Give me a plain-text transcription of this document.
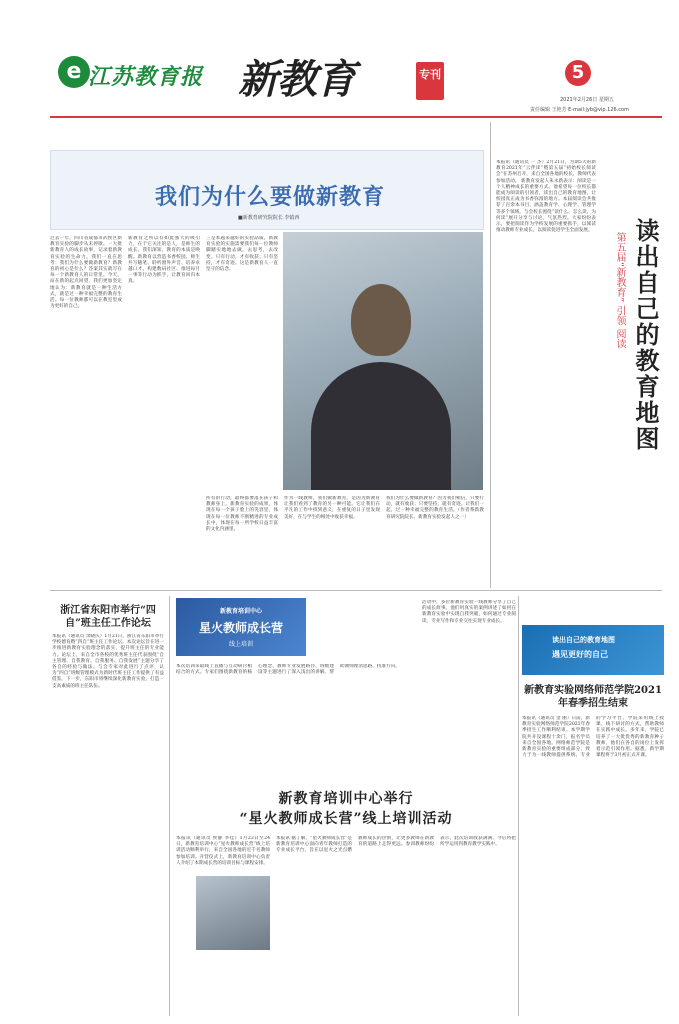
e 江苏教育报 新教育	专刊	5
2021年2月26日 星期五
责任编辑 王艳芳 E-mail:jyb@vip.126.com
我们为什么要做新教育
■新教育研究院院长 李镇西
过去一年，四川省成都市武侯区新教育实验的脚步从未停歇。一大批新教育人的成长故事，记录着新教育实验的生命力。我们一直在思考：我们为什么要做新教育？新教育的初心是什么？答案其实就写在每一个新教育人的日常里。今天，站在新的起点回望，我们更加坚定地认为：新教育就是一种生活方式，就是过一种幸福完整的教育生活。每一位教师都可以在教室里成为更好的自己。
新教育之所以有如此强大的吸引力，在于它关注的是人，是师生的成长。我们深知，教育的本质是唤醒。新教育以营造书香校园、师生共写随笔、聆听窗外声音、培养卓越口才、构建数码社区、推进每月一事等行动为抓手，让教育回归本真。
三是本越来越好的实验品质。新教育实验的实施需要我们每一位教师脚踏实地地去做，去思考，去改变。只有行动，才有收获；只有坚持，才有奇迹。这是新教育人一直坚守的信念。
所有的行动，最终都要落在孩子和教师身上。新教育实验的成果，体现在每一个孩子脸上的笑容里，体现在每一位教师不断精进的专业成长中，体现在每一所学校日益丰富的文化内涵里。
作为一线教师，我们做新教育，是因为新教育让我们看到了教育的另一种可能。它让我们在平凡的工作中找到意义，在重复的日子里发现美好，在与学生的相处中收获幸福。
我们为什么要做新教育？因为我们相信，只要行动，就有收获；只要坚持，就有奇迹。让我们一起，过一种幸福完整的教育生活。（作者系新教育研究院院长、新教育实验发起人之一）
本报讯（通讯员 一 杰）2月21日，为期5天的新教育2021年“云伴读”暨第五届“初始校长阅读会”在苏州召开，来自全国各地的校长、教师代表参加活动。 新教育发起人朱永新表示：阅读是一个人精神成长的重要方式。他希望每一位校长都能成为阅读的引领者，读出自己的教育地图，让校园真正成为书香弥漫的地方。本届阅读会共推荐了百余本书目，涵盖教育学、心理学、管理学等多个领域。与会校长围绕“读什么、怎么读、为何读”展开分享与讨论，气氛热烈。大家纷纷表示，要把阅读作为学校发展的重要抓手，以阅读推动教师专业成长，以阅读促进学生全面发展。 读出自己的教育地图
第五届“新教育” 引领 阅读
浙江省东阳市举行“四自”班主任工作论坛
本报讯（通讯员 余晓庆）1月21日，浙江省东阳市举行学校德育暨“四自”班主任工作论坛。本次论坛旨在进一步推进新教育实验理念的落实，提升班主任的专业能力。论坛上，来自全市各校的优秀班主任代表围绕“自主管理、自我教育、自我服务、自我发展”主题分享了各自的经验与做法。与会专家对此进行了点评，认为“四自”班级管理模式为新时代班主任工作提供了有益借鉴。下一步，东阳市将继续深化新教育实验，打造一支高素质的班主任队伍。
新教育培训中心
星火教师成长营
线上培训
新教育培训中心举行
“星火教师成长营”线上培训活动
本次培训采取线上直播与互动研讨相结合的方式。专家们围绕新教育的核心理念、教师专业发展路径、班级建设等主题进行了深入浅出的讲解，帮助教师理清思路、找准方向。
活动中，多位新教育实验一线教师分享了自己的成长故事。他们用真实的案例讲述了如何在新教育实验中实现自我突破，如何通过专业阅读、专业写作和专业交往实现专业成长。
本报讯（通讯员 侯静 李佳）1月23日至24日，新教育培训中心“星火教师成长营”线上培训活动顺利举行，来自全国各地的近千名教师参加培训。开营仪式上，新教育培训中心负责人介绍了本期成长营的培训目标与课程安排。
本报讯 据了解，“星火教师成长营”是新教育培训中心面向青年教师打造的专业成长平台，旨在以星火之光点燃教师成长的热情，让更多教师在新教育的道路上走得更远。参训教师纷纷表示，此次培训收获满满，今后将把所学运用到教育教学实践中。
读出自己的教育地图
遇见更好的自己
新教育实验网络师范学院2021年春季招生结束
本报讯（通讯员 金 丽）日前，新教育实验网络师范学院2021年春季招生工作顺利结束。本学期学院共开设课程十余门，报名学员来自全国各地。网络师范学院是新教育实验的重要组成部分，致力于为一线教师提供系统、专业的学习平台。学院采用线上授课、线下研讨的方式，帮助教师在实践中成长。多年来，学院已培养了一大批优秀的新教育种子教师，他们在各自的岗位上发挥着示范引领作用。据悉，新学期课程将于3月初正式开课。
